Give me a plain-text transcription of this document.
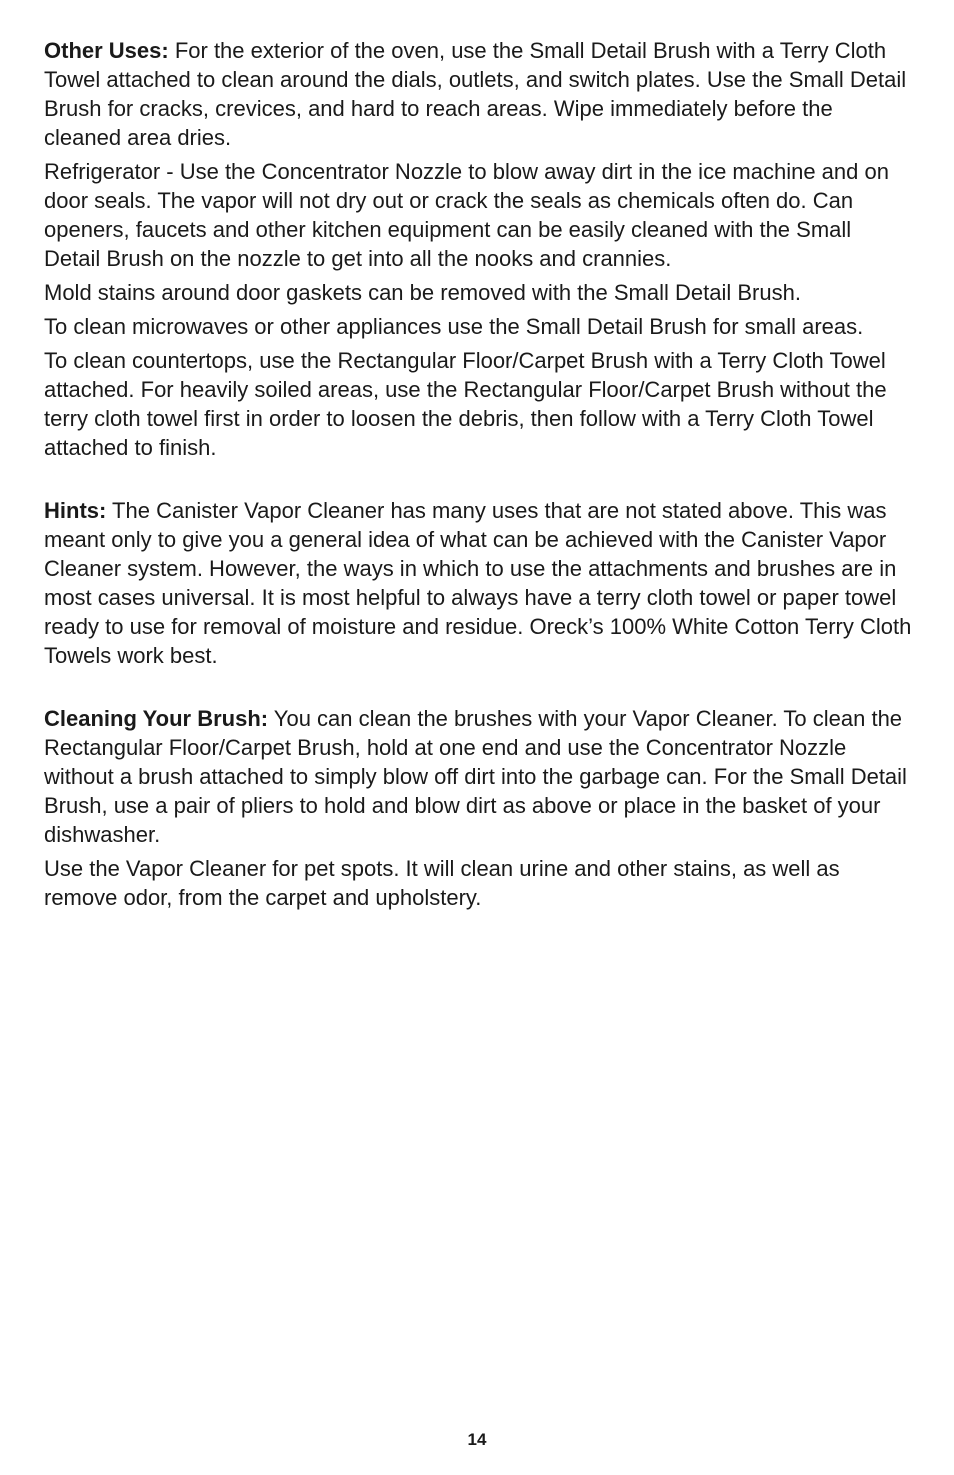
Other Uses: For the exterior of the oven, use the Small Detail Brush with a Terry Cloth Towel attached to clean around the dials, outlets, and switch plates. Use the Small Detail Brush for cracks, crevices, and hard to reach areas. Wipe immediately before the cleaned area dries.

Refrigerator - Use the Concentrator Nozzle to blow away dirt in the ice machine and on door seals. The vapor will not dry out or crack the seals as chemicals often do. Can openers, faucets and other kitchen equipment can be easily cleaned with the Small Detail Brush on the nozzle to get into all the nooks and crannies.

Mold stains around door gaskets can be removed with the Small Detail Brush.

To clean microwaves or other appliances use the Small Detail Brush for small areas.

To clean countertops, use the Rectangular Floor/Carpet Brush with a Terry Cloth Towel attached. For heavily soiled areas, use the Rectangular Floor/Carpet Brush without the terry cloth towel first in order to loosen the debris, then follow with a Terry Cloth Towel attached to finish.

Hints: The Canister Vapor Cleaner has many uses that are not stated above. This was meant only to give you a general idea of what can be achieved with the Canister Vapor Cleaner system. However, the ways in which to use the attachments and brushes are in most cases universal. It is most helpful to always have a terry cloth towel or paper towel ready to use for removal of moisture and residue. Oreck’s 100% White Cotton Terry Cloth Towels work best.

Cleaning Your Brush: You can clean the brushes with your Vapor Cleaner. To clean the Rectangular Floor/Carpet Brush, hold at one end and use the Concentrator Nozzle without a brush attached to simply blow off dirt into the garbage can. For the Small Detail Brush, use a pair of pliers to hold and blow dirt as above or place in the basket of your dishwasher.

Use the Vapor Cleaner for pet spots. It will clean urine and other stains, as well as remove odor, from the carpet and upholstery.

14
